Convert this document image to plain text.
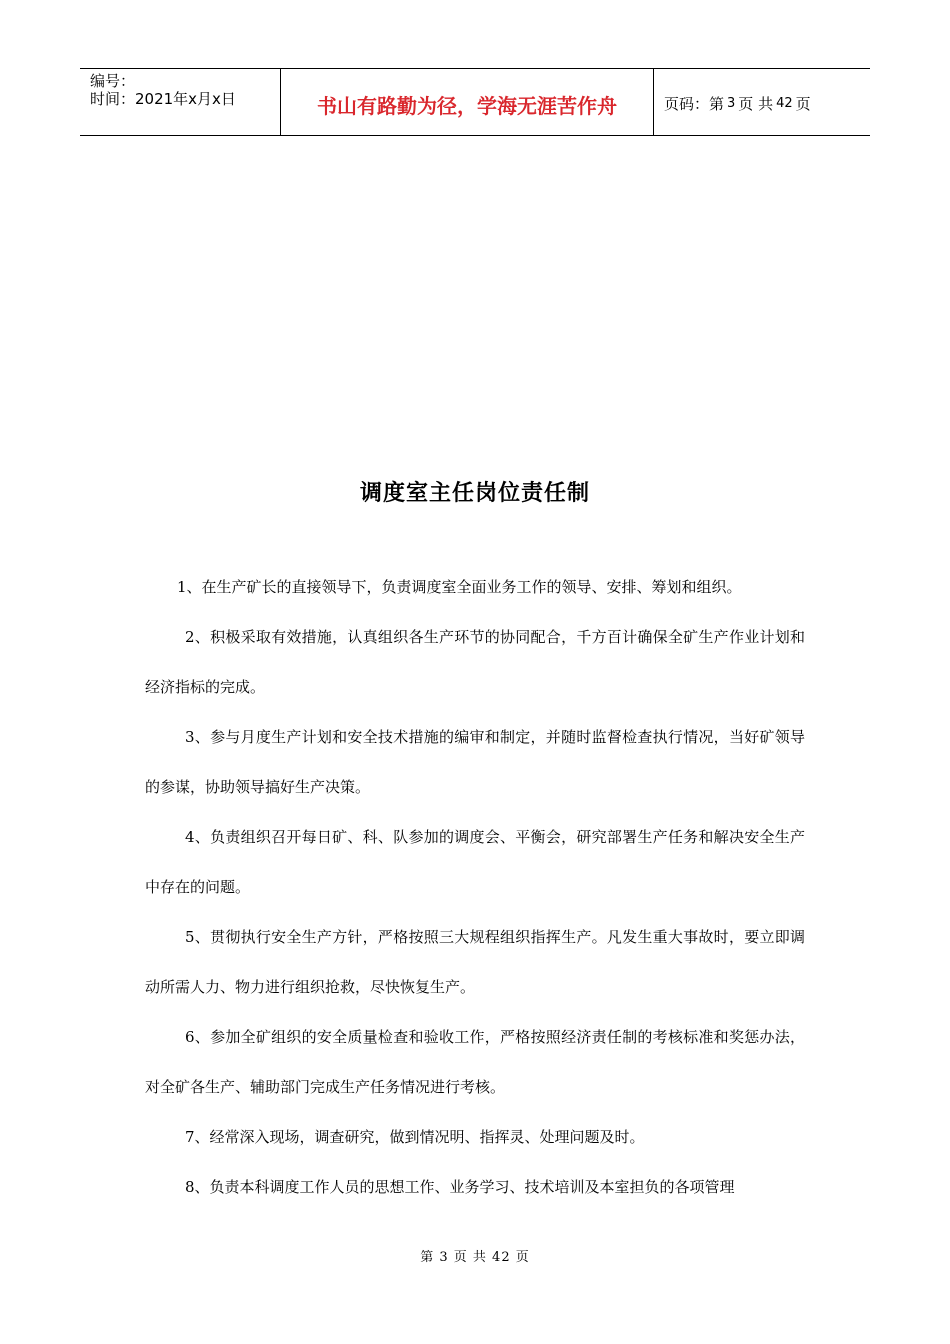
编号：
时间：2021年x月x日	书山有路勤为径，学海无涯苦作舟	页码：第 3 页 共 42 页
调度室主任岗位责任制

1、在生产矿长的直接领导下，负责调度室全面业务工作的领导、安排、筹划和组织。

2、积极采取有效措施，认真组织各生产环节的协同配合，千方百计确保全矿生产作业计划和经济指标的完成。

3、参与月度生产计划和安全技术措施的编审和制定，并随时监督检查执行情况，当好矿领导的参谋，协助领导搞好生产决策。

4、负责组织召开每日矿、科、队参加的调度会、平衡会，研究部署生产任务和解决安全生产中存在的问题。

5、贯彻执行安全生产方针，严格按照三大规程组织指挥生产。凡发生重大事故时，要立即调动所需人力、物力进行组织抢救，尽快恢复生产。

6、参加全矿组织的安全质量检查和验收工作，严格按照经济责任制的考核标准和奖惩办法，对全矿各生产、辅助部门完成生产任务情况进行考核。

7、经常深入现场，调查研究，做到情况明、指挥灵、处理问题及时。

8、负责本科调度工作人员的思想工作、业务学习、技术培训及本室担负的各项管理

第 3 页 共 42 页
